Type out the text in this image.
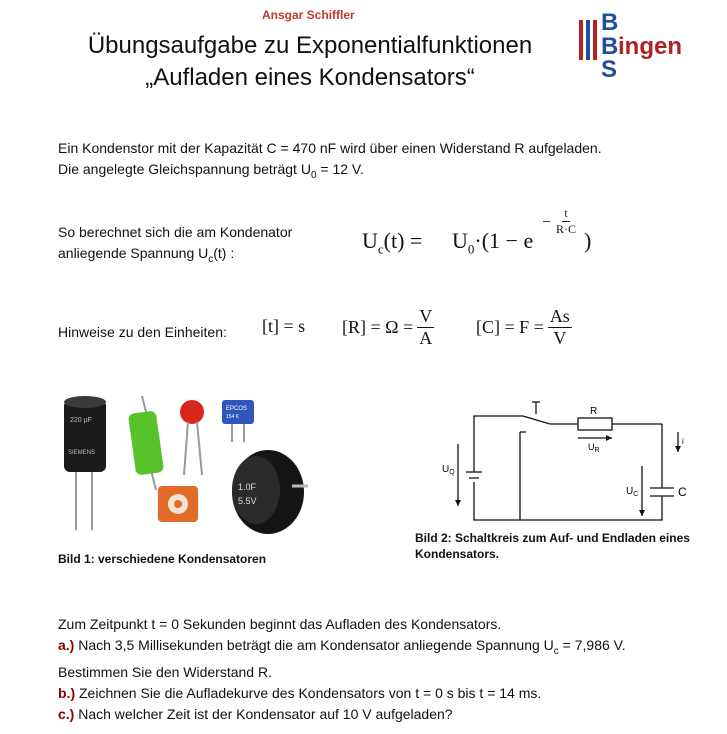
Ansgar Schiffler
Übungsaufgabe zu Exponentialfunktionen
„Aufladen eines Kondensators“
B
B
S
ingen
Ein Kondenstor mit der Kapazität C = 470 nF wird über einen Widerstand R aufgeladen.
Die angelegte Gleichspannung beträgt $U_0 = 12$ V.
So berechnet sich die am Kondenator
anliegende Spannung $U_c(t)$ :	$U_c(t) = U_0\cdot(1 - e$
− $\frac{t}{R\cdot C}$
)
Hinweise zu den Einheiten: [t] = s $[R] = \Omega = \frac{V}{A} [C] = F = \frac{As}{V}$
220 µF
SIEMENS
EPCOS
154 K
1.0F
5.5V
Bild 1: verschiedene Kondensatoren
R
$U_R$
$U_Q$
$U_C$	C
i
Bild 2: Schaltkreis zum Auf- und Endladen eines
Kondensators.
Zum Zeitpunkt t = 0 Sekunden beginnt das Aufladen des Kondensators.
a.) Nach 3,5 Millisekunden beträgt die am Kondensator anliegende Spannung $U_c = 7,986$ V.
Bestimmen Sie den Widerstand R.
b.) Zeichnen Sie die Aufladekurve des Kondensators von t = 0 s bis t = 14 ms.
c.) Nach welcher Zeit ist der Kondensator auf 10 V aufgeladen?
